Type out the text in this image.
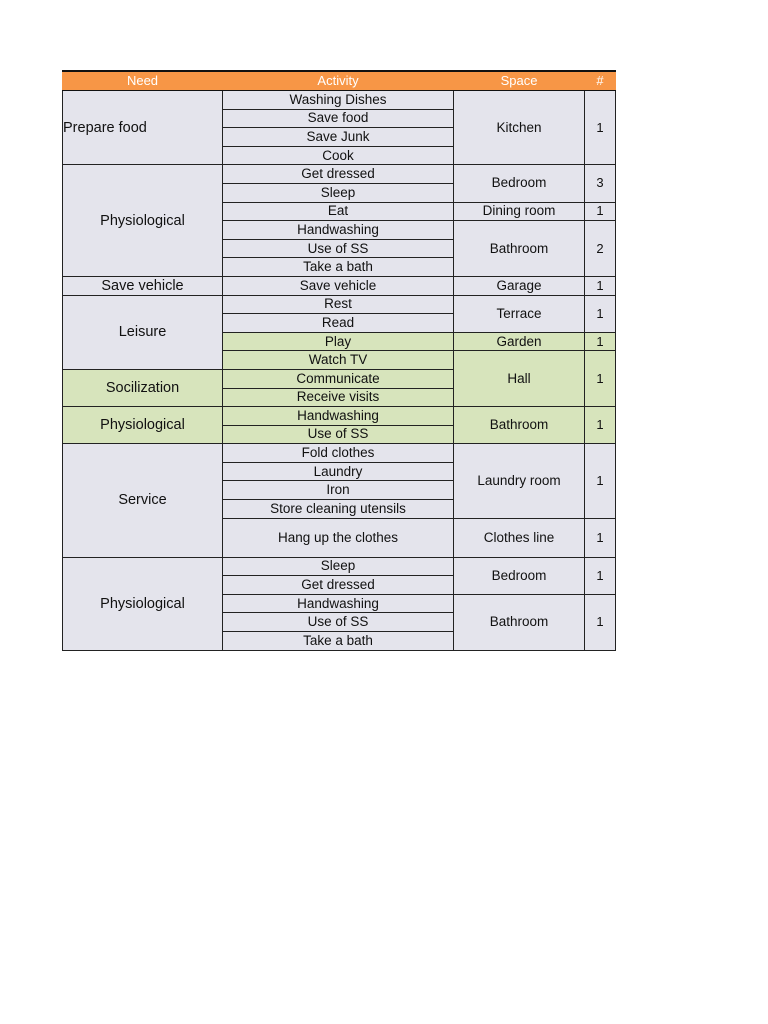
Need	Activity	Space	#
Prepare food	Washing Dishes	Kitchen	1
	Save food		
	Save Junk		
	Cook		
Physiological	Get dressed	Bedroom	3
	Sleep		
	Eat	Dining room	1
	Handwashing	Bathroom	2
	Use of SS		
	Take a bath		
Save vehicle	Save vehicle	Garage	1
Leisure	Rest	Terrace	1
	Read		
	Play	Garden	1
	Watch TV	Hall	1
Socilization	Communicate		
	Receive visits		
Physiological	Handwashing	Bathroom	1
	Use of SS		
Service	Fold clothes	Laundry room	1
	Laundry		
	Iron		
	Store cleaning utensils		
	Hang up the clothes	Clothes line	1
Physiological	Sleep	Bedroom	1
	Get dressed		
	Handwashing	Bathroom	1
	Use of SS		
	Take a bath		
